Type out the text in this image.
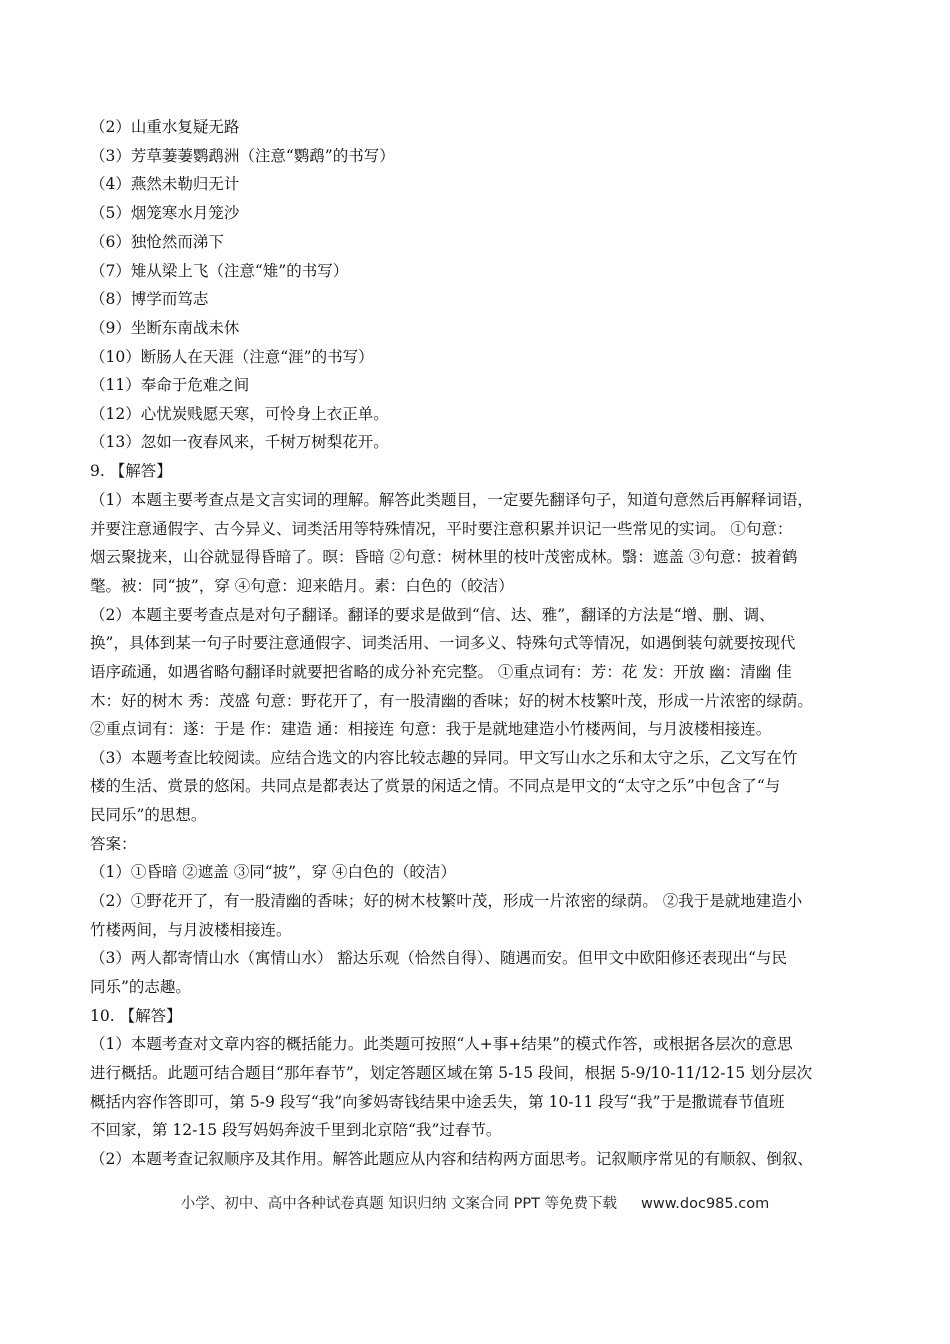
（2）山重水复疑无路
（3）芳草萋萋鹦鹉洲（注意“鹦鹉”的书写）
（4）燕然未勒归无计
（5）烟笼寒水月笼沙
（6）独怆然而涕下
（7）雉从梁上飞（注意“雉”的书写）
（8）博学而笃志
（9）坐断东南战未休
（10）断肠人在天涯（注意“涯”的书写）
（11）奉命于危难之间
（12）心忧炭贱愿天寒，可怜身上衣正单。
（13）忽如一夜春风来，千树万树梨花开。
9. 【解答】
（1）本题主要考查点是文言实词的理解。解答此类题目，一定要先翻译句子，知道句意然后再解释词语，
并要注意通假字、古今异义、词类活用等特殊情况，平时要注意积累并识记一些常见的实词。 ①句意：
烟云聚拢来，山谷就显得昏暗了。暝：昏暗 ②句意：树林里的枝叶茂密成林。翳：遮盖 ③句意：披着鹤
氅。被：同“披”，穿 ④句意：迎来皓月。素：白色的（皎洁）
（2）本题主要考查点是对句子翻译。翻译的要求是做到“信、达、雅”，翻译的方法是“增、删、调、
换”，具体到某一句子时要注意通假字、词类活用、一词多义、特殊句式等情况，如遇倒装句就要按现代
语序疏通，如遇省略句翻译时就要把省略的成分补充完整。 ①重点词有：芳：花 发：开放 幽：清幽 佳
木：好的树木 秀：茂盛 句意：野花开了，有一股清幽的香味；好的树木枝繁叶茂，形成一片浓密的绿荫。
②重点词有：遂：于是 作：建造 通：相接连 句意：我于是就地建造小竹楼两间，与月波楼相接连。
（3）本题考查比较阅读。应结合选文的内容比较志趣的异同。甲文写山水之乐和太守之乐，乙文写在竹
楼的生活、赏景的悠闲。共同点是都表达了赏景的闲适之情。不同点是甲文的“太守之乐”中包含了“与
民同乐”的思想。
答案：
（1）①昏暗 ②遮盖 ③同“披”，穿 ④白色的（皎洁）
（2）①野花开了，有一股清幽的香味；好的树木枝繁叶茂，形成一片浓密的绿荫。 ②我于是就地建造小
竹楼两间，与月波楼相接连。
（3）两人都寄情山水（寓情山水） 豁达乐观（恰然自得）、随遇而安。但甲文中欧阳修还表现出“与民
同乐”的志趣。
10. 【解答】
（1）本题考查对文章内容的概括能力。此类题可按照“人+事+结果”的模式作答，或根据各层次的意思
进行概括。此题可结合题目“那年春节”，划定答题区域在第 5-15 段间，根据 5-9/10-11/12-15 划分层次
概括内容作答即可，第 5-9 段写“我”向爹妈寄钱结果中途丢失，第 10-11 段写“我”于是撒谎春节值班
不回家，第 12-15 段写妈妈奔波千里到北京陪“我”过春节。
（2）本题考查记叙顺序及其作用。解答此题应从内容和结构两方面思考。记叙顺序常见的有顺叙、倒叙、
小学、初中、高中各种试卷真题 知识归纳 文案合同 PPT 等免费下载 www.doc985.com
